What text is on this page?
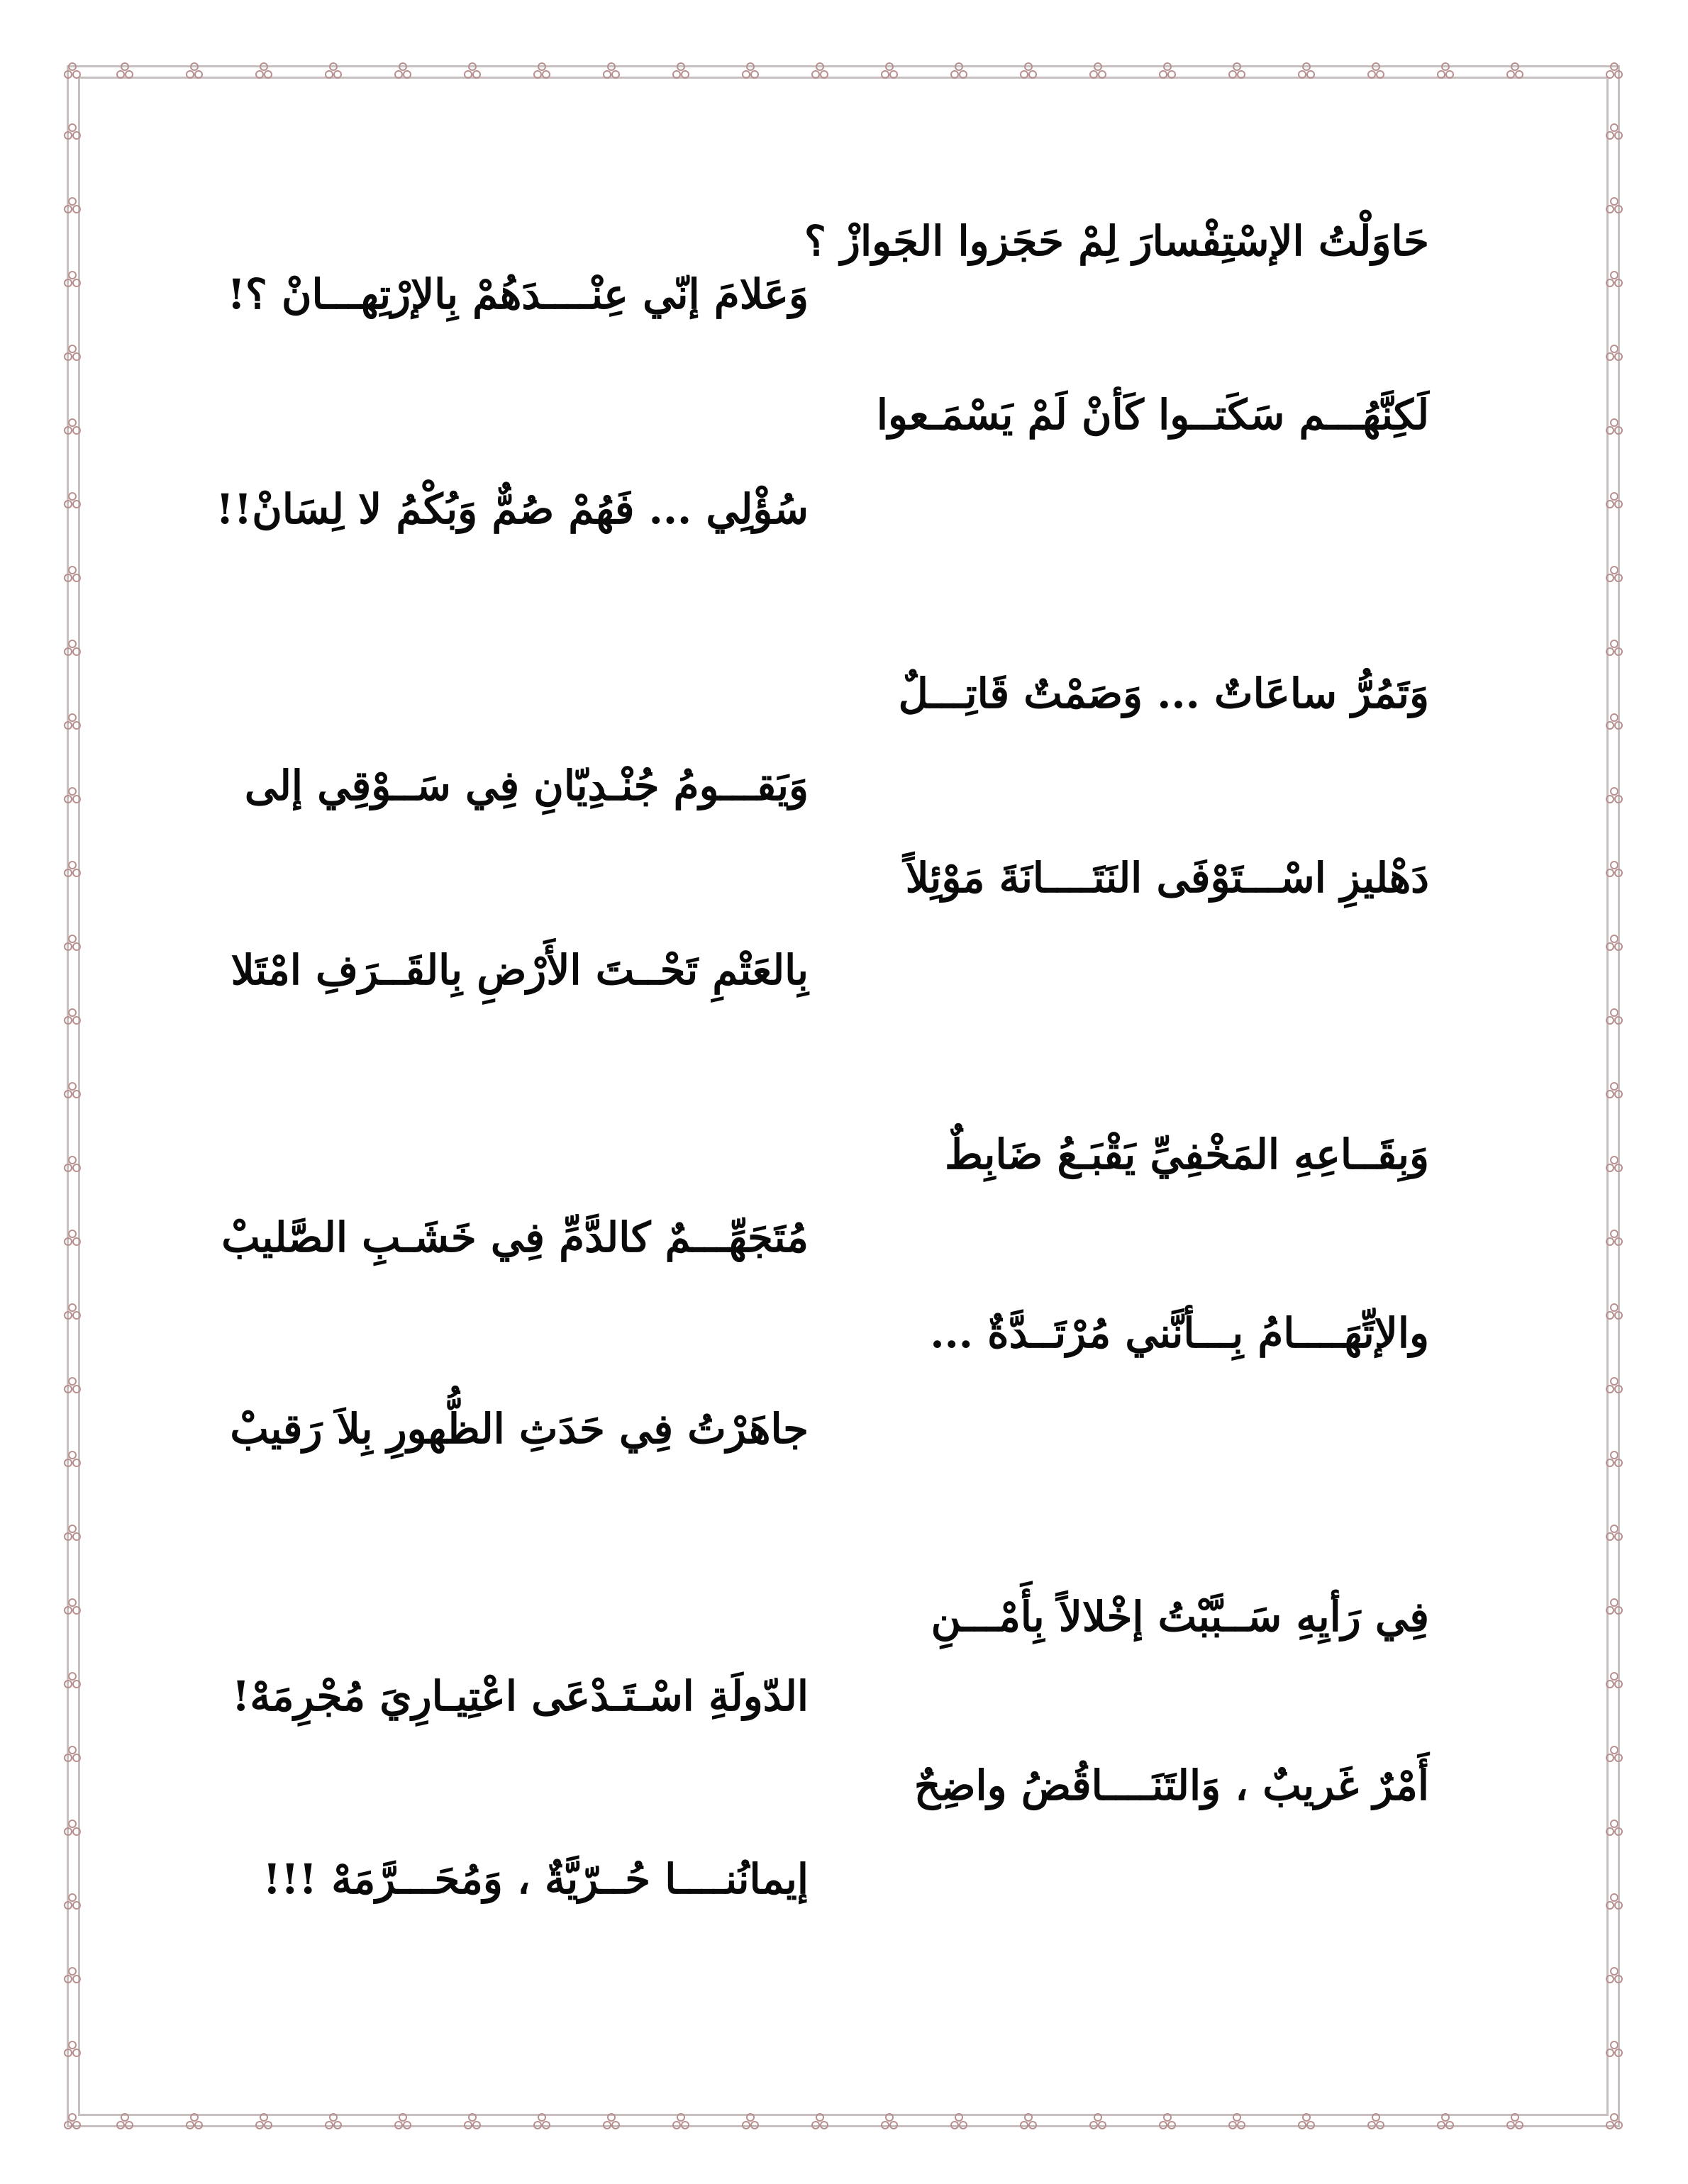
حَاوَلْتُ الإسْتِفْسارَ لِمْ حَجَزوا الجَوازْ ؟
وَعَلامَ إنّي عِنْــــدَهُمْ بِالإرْتِهـــانْ ؟!
لَكِنَّهُـــم سَكَتــوا كَأنْ لَمْ يَسْمَـعوا
سُؤْلِي ... فَهُمْ صُمٌّ وَبُكْمُ لا لِسَانْ!!
وَتَمُرُّ ساعَاتٌ ... وَصَمْتٌ قَاتِـــلٌ
وَيَقـــومُ جُنْـدِيّانِ فِي سَــوْقِي إلى
دَهْليزِ اسْـــتَوْفَى النَتَــــانَةَ مَوْئِلاً
بِالعَتْمِ تَحْــتَ الأَرْضِ بِالقَــرَفِ امْتَلا
وَبِقَــاعِهِ المَخْفِيِّ يَقْبَـعُ ضَابِطٌ
مُتَجَهِّـــمٌ كالدَّمِّ فِي خَشَـبِ الصَّليبْ
والإتِّهَــــامُ بِـــأنَّني مُرْتَــدَّةٌ ...
جاهَرْتُ فِي حَدَثِ الظُّهورِ بِلاَ رَقيبْ
فِي رَأيِهِ سَــبَّبْتُ إخْلالاً بِأَمْـــنِ
الدّولَةِ اسْـتَـدْعَى اعْتِيـارِيَ مُجْرِمَهْ!
أَمْرٌ غَريبٌ ، وَالتَنَــــاقُضُ واضِحٌ
إيمانُنــــا حُــرّيَّةٌ ، وَمُحَـــرَّمَهْ !!!
